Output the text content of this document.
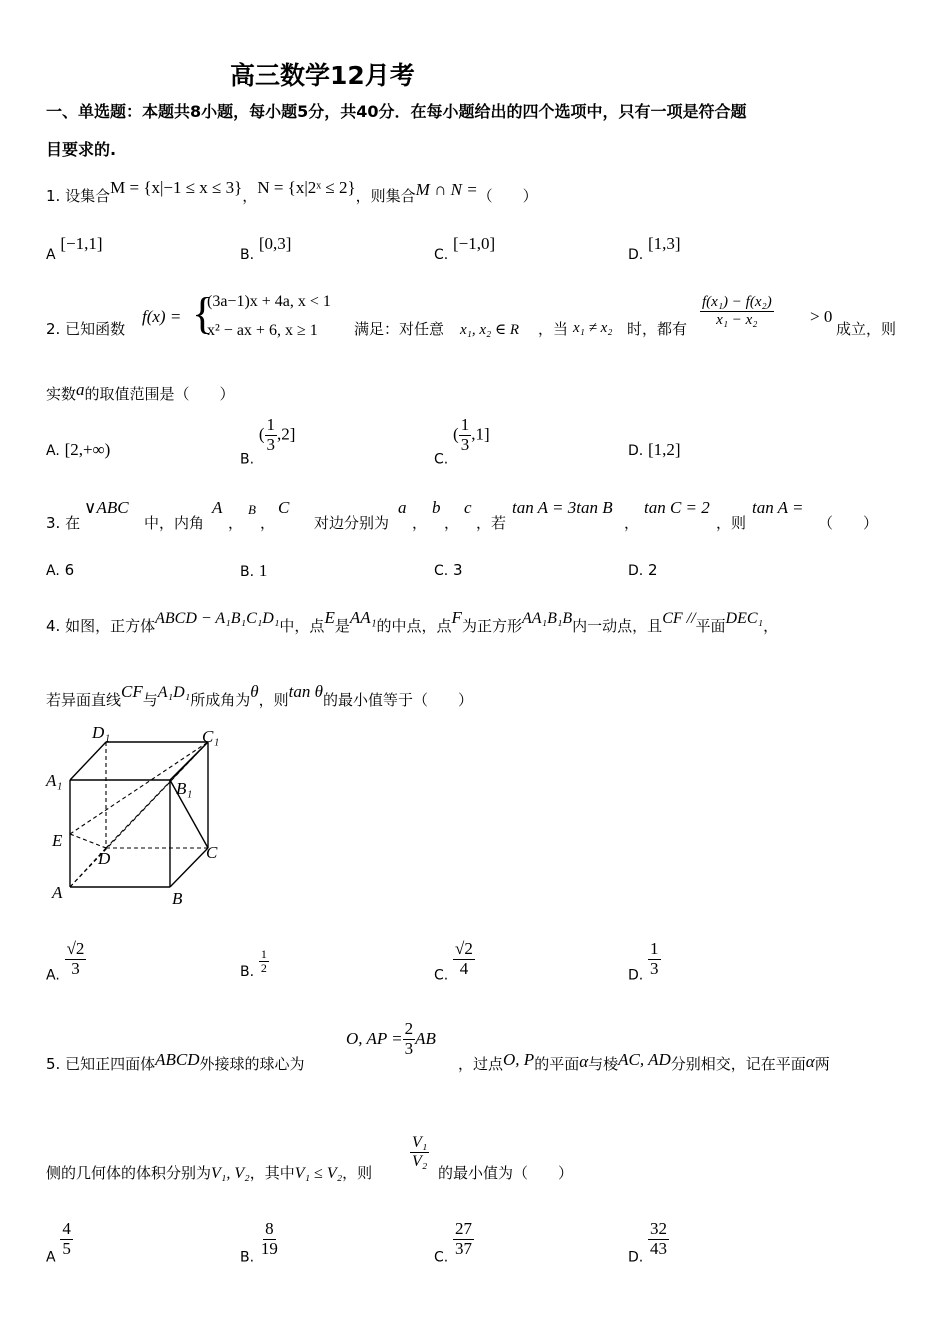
高三数学12月考
一、单选题：本题共8小题，每小题5分，共40分．在每小题给出的四个选项中，只有一项是符合题
目要求的.
1. 设集合M = {x|−1 ≤ x ≤ 3}，N = {x|2ˣ ≤ 2}，则集合M ∩ N =（　　）
A [−1,1]
B. [0,3]
C. [−1,0]
D. [1,3]
2. 已知函数
f(x) = {
(3a−1)x + 4a, x < 1
x² − ax + 6, x ≥ 1 满足：对任意 x₁, x₂ ∈ R ，当 x₁ ≠ x₂ 时，都有
$\frac{\text{f(x₁) − f(x₂)}}{\text{x₁ − x₂}} > 0$
成立，则
实数a的取值范围是（　　）
A. [2,+∞)
B. ( $\frac{1}{3} ,2$]
C. ( $\frac{1}{3} ,1$]
D. [1,2]
3. 在
∨ABC
中，内角
A
，
B
，
C
对边分别为
a
，
b
，
c
，若
tan A = 3tan B
，
tan C = 2
，则
tan A =
（　　）
A. 6	B. 1	C. 3	D. 2
4. 如图，正方体ABCD − A₁B₁C₁D₁中，点E是AA₁的中点，点F为正方形AA₁B₁B内一动点，且CF //平面DEC₁，
若异面直线CF与A₁D₁所成角为θ，则tan θ的最小值等于（　　）
D₁	C₁
A₁	B₁
E
D	C
A	B
A. $\frac{√2}{3}$	B. $\frac{1}{2}$
C. $\frac{√2}{4}$	D. $\frac{1}{3}$
5. 已知正四面体ABCD外接球的球心为
O, AP = $\frac{2}{3}$ AB
，过点O, P的平面α与棱AC, AD分别相交，记在平面α两
侧的几何体的体积分别为V₁, V₂，其中V₁ ≤ V₂，则
$\frac{\text{V₁}}{\text{V₂}}$
的最小值为（　　）
A $\frac{4}{5}$	B. $\frac{8}{19}$	C. $\frac{27}{37}$	D. $\frac{32}{43}$
